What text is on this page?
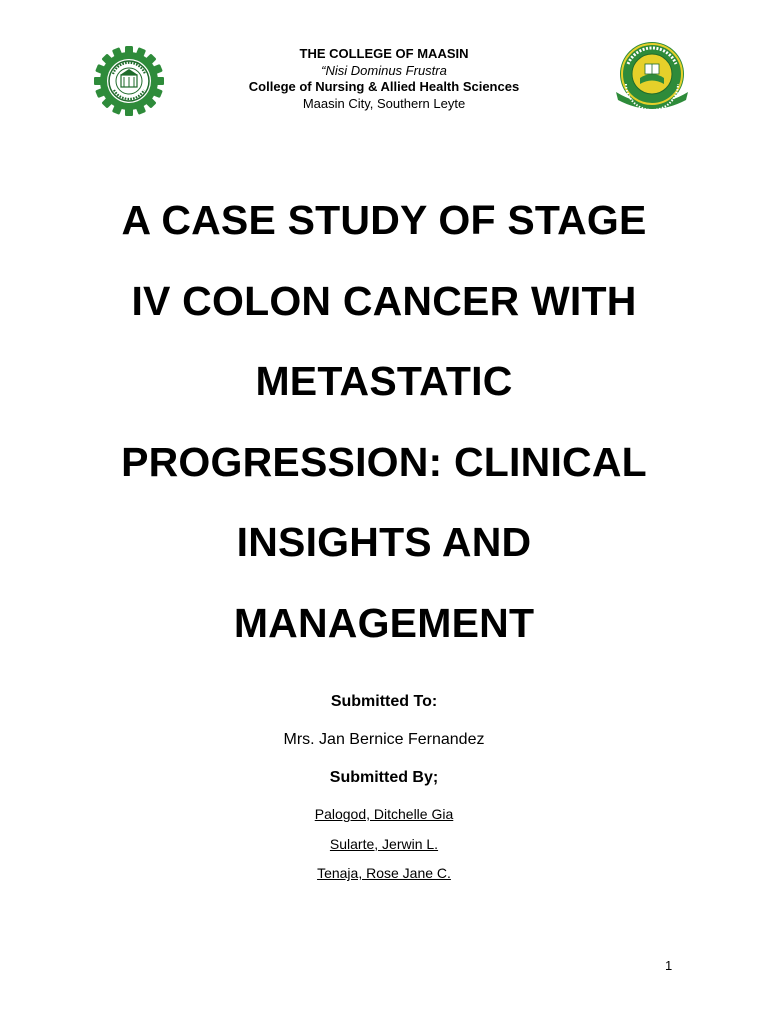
THE COLLEGE OF MAASIN
“Nisi Dominus Frustra
College of Nursing & Allied Health Sciences
Maasin City, Southern Leyte
A CASE STUDY OF STAGE
IV COLON CANCER WITH
METASTATIC
PROGRESSION: CLINICAL
INSIGHTS AND
MANAGEMENT
Submitted To:
Mrs. Jan Bernice Fernandez
Submitted By;
Palogod, Ditchelle Gia
Sularte, Jerwin L.
Tenaja, Rose Jane C.
1
